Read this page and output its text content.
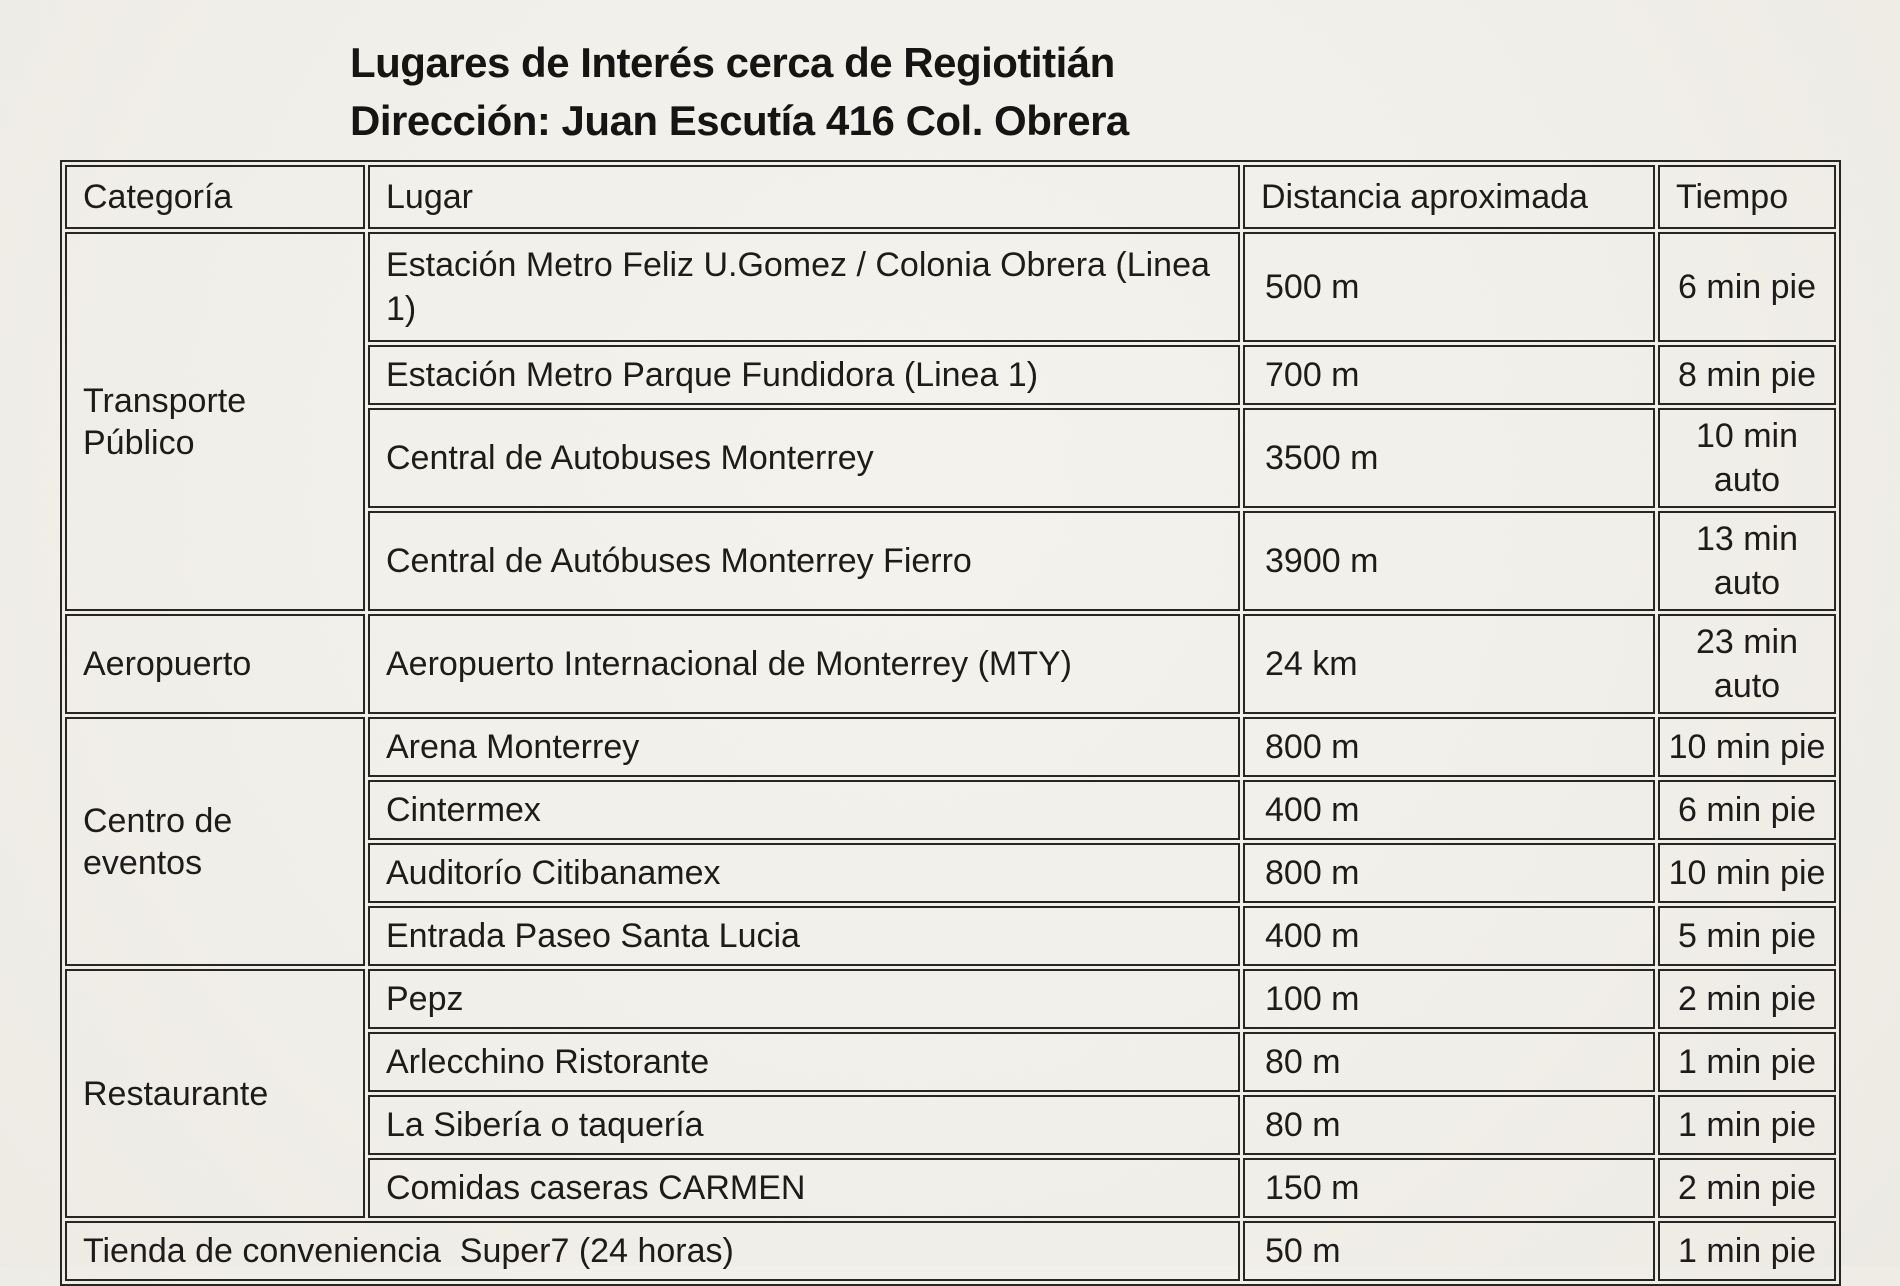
Lugares de Interés cerca de Regiotitián
Dirección: Juan Escutía 416 Col. Obrera
Categoría	Lugar	Distancia aproximada	Tiempo
Transporte Público	Estación Metro Feliz U.Gomez / Colonia Obrera (Linea 1)	500 m	6 min pie
	Estación Metro Parque Fundidora (Linea 1)	700 m	8 min pie
	Central de Autobuses Monterrey	3500 m	10 min auto
	Central de Autóbuses Monterrey Fierro	3900 m	13 min auto
Aeropuerto	Aeropuerto Internacional de Monterrey (MTY)	24 km	23 min auto
Centro de eventos	Arena Monterrey	800 m	10 min pie
	Cintermex	400 m	6 min pie
	Auditorío Citibanamex	800 m	10 min pie
	Entrada Paseo Santa Lucia	400 m	5 min pie
Restaurante	Pepz	100 m	2 min pie
	Arlecchino Ristorante	80 m	1 min pie
	La Sibería o taquería	80 m	1 min pie
	Comidas caseras CARMEN	150 m	2 min pie
Tienda de conveniencia  Super7 (24 horas)		50 m	1 min pie
